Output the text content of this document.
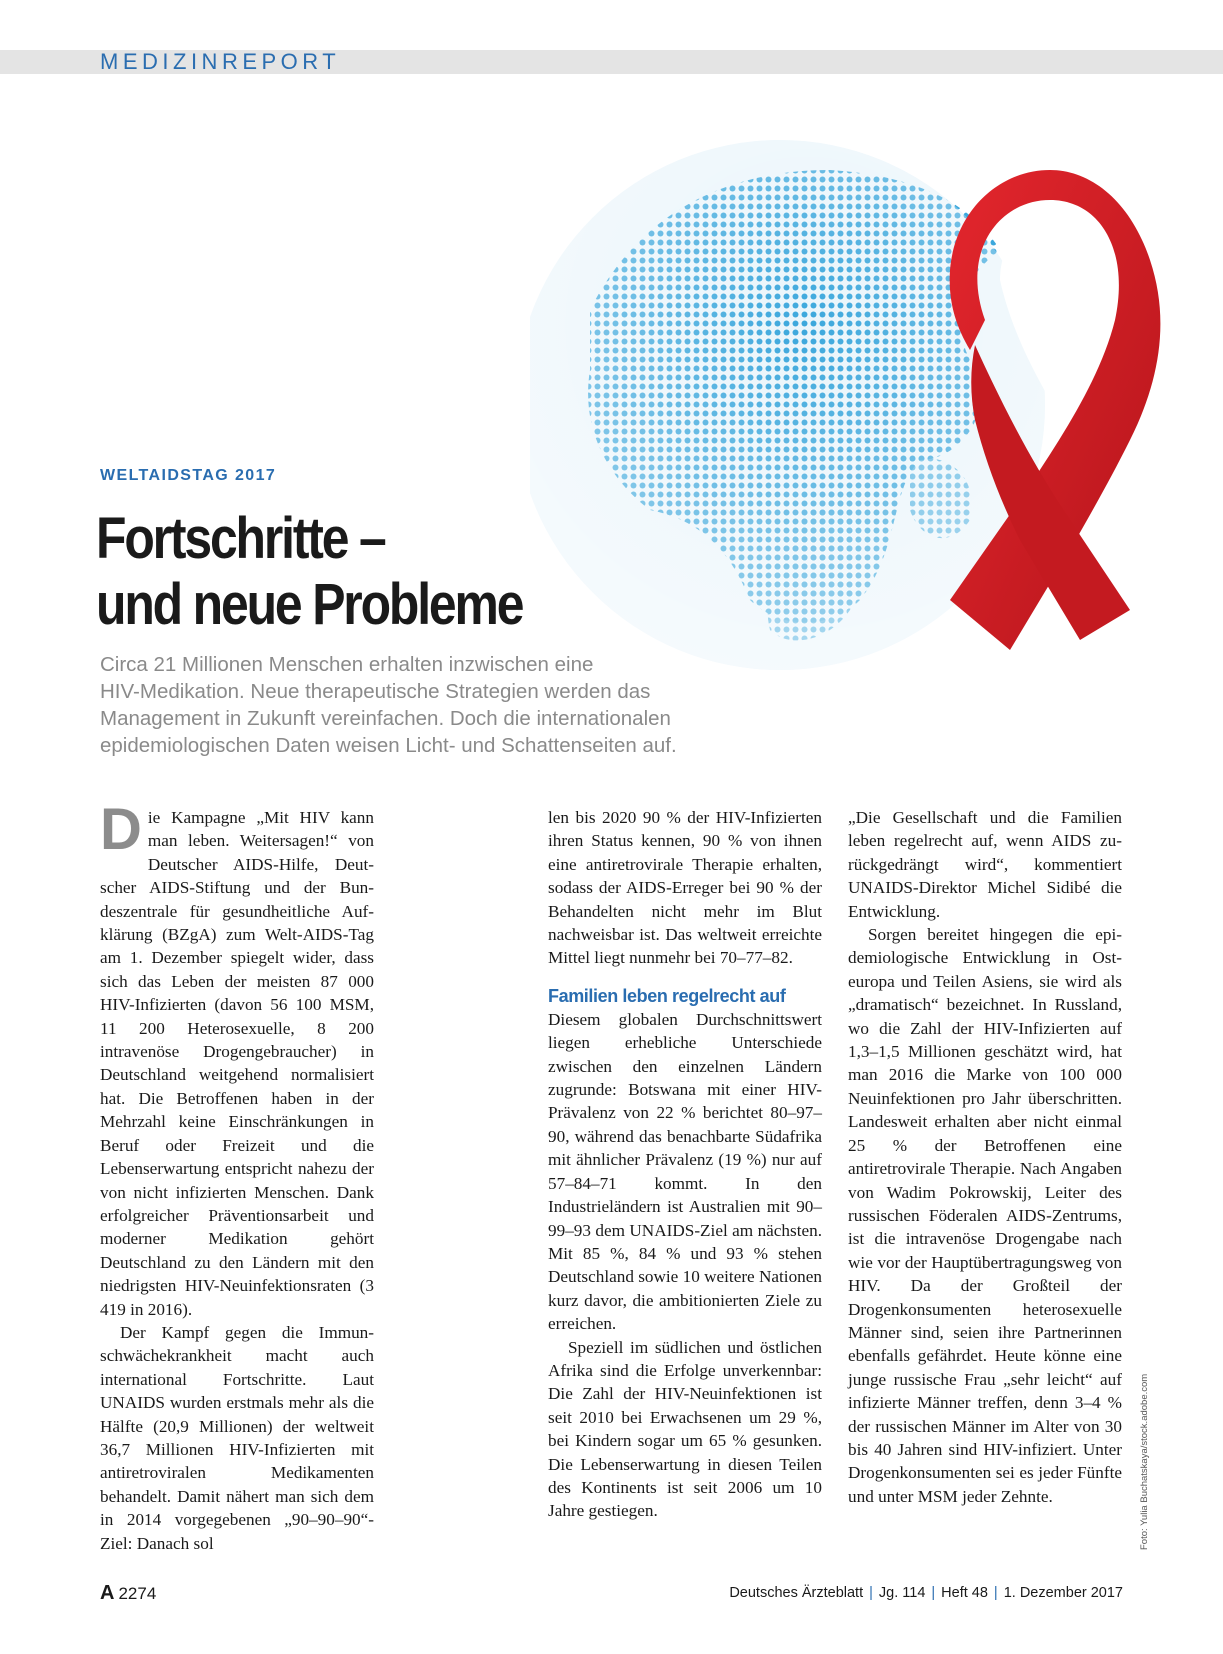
MEDIZINREPORT
WELTAIDSTAG 2017
Fortschritte –
und neue Probleme
Circa 21 Millionen Menschen erhalten inzwischen eine
HIV-Medikation. Neue therapeutische Strategien werden das
Management in Zukunft vereinfachen. Doch die internationalen
epidemiologischen Daten weisen Licht- und Schattenseiten auf.

Die Kampagne „Mit HIV kann man leben. Weitersagen!“ von Deutscher AIDS-Hilfe, Deutscher AIDS-Stiftung und der Bundeszentrale für gesundheitliche Aufklärung (BZgA) zum Welt-AIDS-Tag am 1. Dezember spiegelt wider, dass sich das Leben der meisten 87 000 HIV-Infizierten (davon 56 100 MSM, 11 200 Heterosexuelle, 8 200 intravenöse Drogengebraucher) in Deutschland weitgehend normalisiert hat. Die Betroffenen haben in der Mehrzahl keine Einschränkungen in Beruf oder Freizeit und die Lebenserwartung entspricht nahezu der von nicht infizierten Menschen. Dank erfolgreicher Präventionsarbeit und moderner Medikation gehört Deutschland zu den Ländern mit den niedrigsten HIV-Neuinfektionsraten (3 419 in 2016).

Der Kampf gegen die Immunschwächekrankheit macht auch international Fortschritte. Laut UNAIDS wurden erstmals mehr als die Hälfte (20,9 Millionen) der weltweit 36,7 Millionen HIV-Infizierten mit antiretroviralen Medikamenten behandelt. Damit nähert man sich dem in 2014 vorgegebenen „90–90–90“-Ziel: Danach sol

len bis 2020 90 % der HIV-Infizierten ihren Status kennen, 90 % von ihnen eine antiretrovirale Therapie erhalten, sodass der AIDS-Erreger bei 90 % der Behandelten nicht mehr im Blut nachweisbar ist. Das weltweit erreichte Mittel liegt nunmehr bei 70–77–82.

Familien leben regelrecht auf

Diesem globalen Durchschnittswert liegen erhebliche Unterschiede zwischen den einzelnen Ländern zugrunde: Botswana mit einer HIV-Prävalenz von 22 % berichtet 80–97–90, während das benachbarte Südafrika mit ähnlicher Prävalenz (19 %) nur auf 57–84–71 kommt. In den Industrieländern ist Australien mit 90–99–93 dem UNAIDS-Ziel am nächsten. Mit 85 %, 84 % und 93 % stehen Deutschland sowie 10 weitere Nationen kurz davor, die ambitionierten Ziele zu erreichen.

Speziell im südlichen und östlichen Afrika sind die Erfolge unverkennbar: Die Zahl der HIV-Neuinfektionen ist seit 2010 bei Erwachsenen um 29 %, bei Kindern sogar um 65 % gesunken. Die Lebenserwartung in diesen Teilen des Kontinents ist seit 2006 um 10 Jahre gestiegen.

„Die Gesellschaft und die Familien leben regelrecht auf, wenn AIDS zurückgedrängt wird“, kommentiert UNAIDS-Direktor Michel Sidibé die Entwicklung.

Sorgen bereitet hingegen die epidemiologische Entwicklung in Osteuropa und Teilen Asiens, sie wird als „dramatisch“ bezeichnet. In Russland, wo die Zahl der HIV-Infizierten auf 1,3–1,5 Millionen geschätzt wird, hat man 2016 die Marke von 100 000 Neuinfektionen pro Jahr überschritten. Landesweit erhalten aber nicht einmal 25 % der Betroffenen eine antiretrovirale Therapie. Nach Angaben von Wadim Pokrowskij, Leiter des russischen Föderalen AIDS-Zentrums, ist die intravenöse Drogengabe nach wie vor der Hauptübertragungsweg von HIV. Da der Großteil der Drogenkonsumenten heterosexuelle Männer sind, seien ihre Partnerinnen ebenfalls gefährdet. Heute könne eine junge russische Frau „sehr leicht“ auf infizierte Männer treffen, denn 3–4 % der russischen Männer im Alter von 30 bis 40 Jahren sind HIV-infiziert. Unter Drogenkonsumenten sei es jeder Fünfte und unter MSM jeder Zehnte.	Foto: Yulia Buchatskaya/stock.adobe.com
A 2274	Deutsches Ärzteblatt | Jg. 114 | Heft 48 | 1. Dezember 2017
